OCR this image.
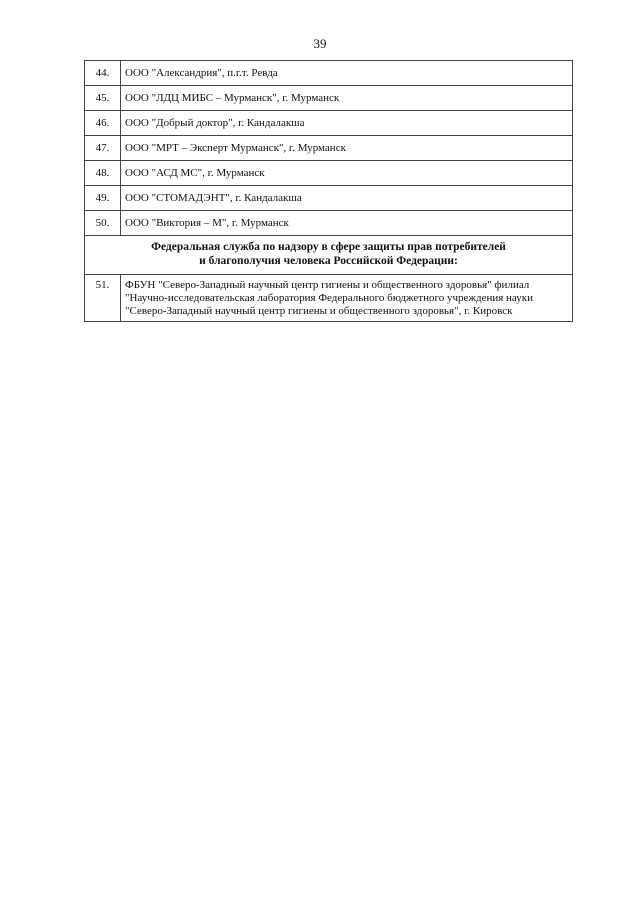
39
44.	ООО "Александрия", п.г.т. Ревда
45.	ООО "ЛДЦ МИБС – Мурманск", г. Мурманск
46.	ООО "Добрый доктор", г. Кандалакша
47.	ООО "МРТ – Эксперт Мурманск", г. Мурманск
48.	ООО "АСД МС", г. Мурманск
49.	ООО "СТОМАДЭНТ", г. Кандалакша
50.	ООО "Виктория – М", г. Мурманск

Федеральная служба по надзору в сфере защиты прав потребителей
и благополучия человека Российской Федерации:	

51.	ФБУН "Северо-Западный научный центр гигиены и общественного здоровья" филиал
"Научно-исследовательская лаборатория Федерального бюджетного учреждения науки
"Северо-Западный научный центр гигиены и общественного здоровья", г. Кировск
